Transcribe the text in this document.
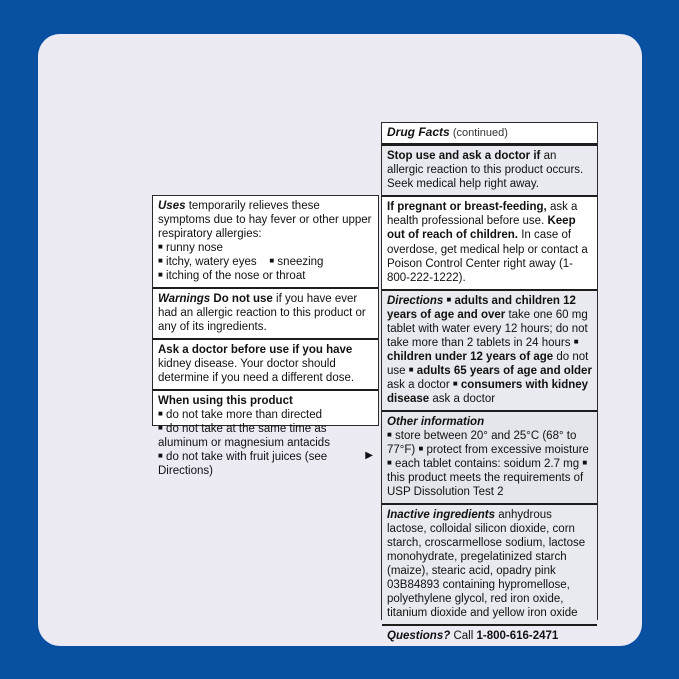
Uses temporarily relieves these symptoms due to hay fever or other upper respiratory allergies:

■ runny nose

■ itchy, watery eyes ■ sneezing

■ itching of the nose or throat

Warnings Do not use if you have ever had an allergic reaction to this product or any of its ingredients.

Ask a doctor before use if you have

kidney disease. Your doctor should determine if you need a different dose.

When using this product

■ do not take more than directed

■ do not take at the same time as aluminum or magnesium antacids

▶
■ do not take with fruit juices (see Directions)

Drug Facts (continued)

Stop use and ask a doctor if an allergic reaction to this product occurs. Seek medical help right away.

If pregnant or breast-feeding, ask a health professional before use. Keep out of reach of children. In case of overdose, get medical help or contact a Poison Control Center right away (1-800-222-1222).

Directions ■ adults and children 12 years of age and over take one 60 mg tablet with water every 12 hours; do not take more than 2 tablets in 24 hours ■ children under 12 years of age do not use ■ adults 65 years of age and older ask a doctor ■ consumers with kidney disease ask a doctor

Other information

■ store between 20° and 25°C (68° to 77°F) ■ protect from excessive moisture ■ each tablet contains: soidum 2.7 mg ■ this product meets the requirements of USP Dissolution Test 2

Inactive ingredients anhydrous lactose, colloidal silicon dioxide, corn starch, croscarmellose sodium, lactose monohydrate, pregelatinized starch (maize), stearic acid, opadry pink 03B84893 containing hypromellose, polyethylene glycol, red iron oxide, titanium dioxide and yellow iron oxide

Questions? Call 1-800-616-2471
